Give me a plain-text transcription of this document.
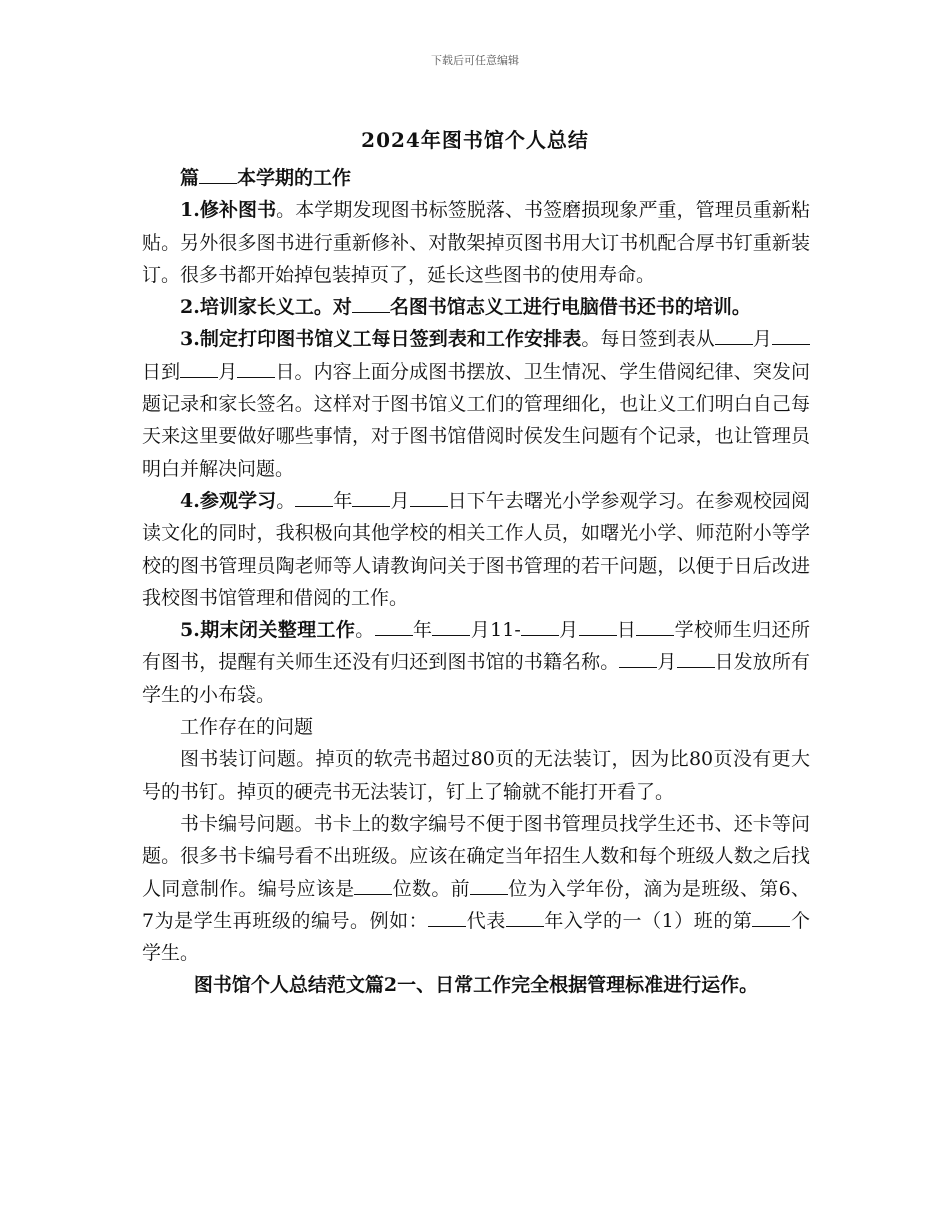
下载后可任意编辑
2024年图书馆个人总结

篇 本学期的工作

1.修补图书。本学期发现图书标签脱落、书签磨损现象严重，管理员重新粘贴。另外很多图书进行重新修补、对散架掉页图书用大订书机配合厚书钉重新装订。很多书都开始掉包装掉页了，延长这些图书的使用寿命。

2.培训家长义工。对 名图书馆志义工进行电脑借书还书的培训。

3.制定打印图书馆义工每日签到表和工作安排表。每日签到表从 月日到 月 日。内容上面分成图书摆放、卫生情况、学生借阅纪律、突发问题记录和家长签名。这样对于图书馆义工们的管理细化，也让义工们明白自己每天来这里要做好哪些事情，对于图书馆借阅时侯发生问题有个记录，也让管理员明白并解决问题。

4.参观学习。 年 月 日下午去曙光小学参观学习。在参观校园阅读文化的同时，我积极向其他学校的相关工作人员，如曙光小学、师范附小等学校的图书管理员陶老师等人请教询问关于图书管理的若干问题，以便于日后改进我校图书馆管理和借阅的工作。

5.期末闭关整理工作。 年 月11- 月 日 学校师生归还所有图书，提醒有关师生还没有归还到图书馆的书籍名称。 月 日发放所有学生的小布袋。

工作存在的问题

图书装订问题。掉页的软壳书超过80页的无法装订，因为比80页没有更大号的书钉。掉页的硬壳书无法装订，钉上了输就不能打开看了。

书卡编号问题。书卡上的数字编号不便于图书管理员找学生还书、还卡等问题。很多书卡编号看不出班级。应该在确定当年招生人数和每个班级人数之后找人同意制作。编号应该是 位数。前 位为入学年份，滴为是班级、第6、7为是学生再班级的编号。例如： 代表 年入学的一（1）班的第 个学生。

图书馆个人总结范文篇2一、日常工作完全根据管理标准进行运作。
